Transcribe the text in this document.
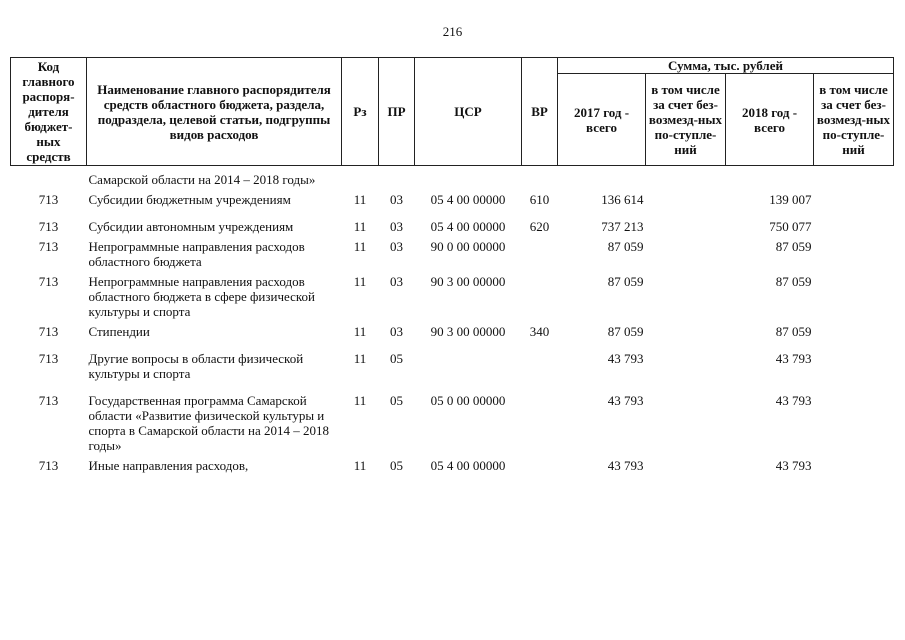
216
Код главного распоря-дителя бюджет-ных средств	Наименование главного распорядителя средств областного бюджета, раздела, подраздела, целевой статьи, подгруппы видов расходов	Рз	ПР	ЦСР	ВР	Сумма, тыс. рублей			
						2017 год - всего	в том числе за счет без-возмезд-ных по-ступле-ний	2018 год - всего	в том числе за счет без-возмезд-ных по-ступле-ний
	Самарской области на 2014 – 2018 годы»								
713	Субсидии бюджетным учреждениям	11	03	05 4 00 00000	610	136 614		139 007	
713	Субсидии автономным учреждениям	11	03	05 4 00 00000	620	737 213		750 077	
713	Непрограммные направления расходов областного бюджета	11	03	90 0 00 00000		87 059		87 059	
713	Непрограммные направления расходов областного бюджета в сфере физической культуры и спорта	11	03	90 3 00 00000		87 059		87 059	
713	Стипендии	11	03	90 3 00 00000	340	87 059		87 059	
713	Другие вопросы в области физической культуры и спорта	11	05			43 793		43 793	
713	Государственная программа Самарской области «Развитие физической культуры и спорта в Самарской области на 2014 – 2018 годы»	11	05	05 0 00 00000		43 793		43 793	
713	Иные направления расходов,	11	05	05 4 00 00000		43 793		43 793	
